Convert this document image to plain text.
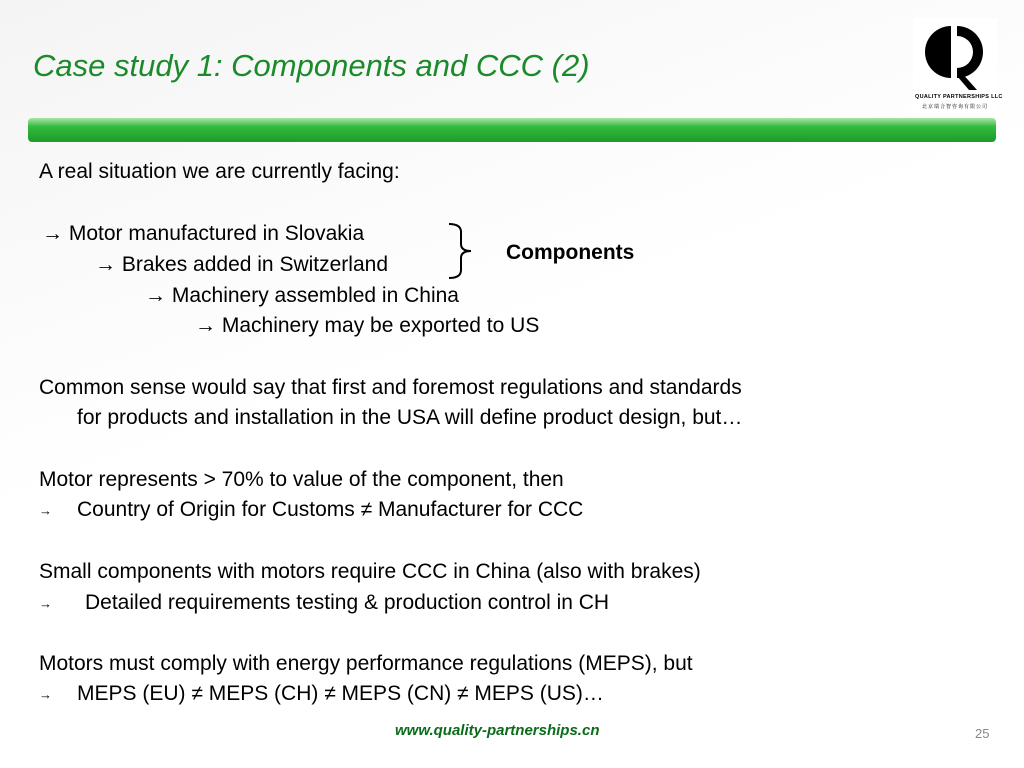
Case study 1: Components and CCC (2)
QUALITY PARTNERSHIPS LLC
北京瑞合智咨询有限公司
A real situation we are currently facing:
→ Motor manufactured in Slovakia
→ Brakes added in Switzerland
→ Machinery assembled in China
→ Machinery may be exported to US
Components
Common sense would say that first and foremost regulations and standards
for products and installation in the USA will define product design, but…
Motor represents > 70% to value of the component, then
→ Country of Origin for Customs ≠ Manufacturer for CCC
Small components with motors require CCC in China (also with brakes)
→ Detailed requirements testing & production control in CH
Motors must comply with energy performance regulations (MEPS), but
→ MEPS (EU) ≠ MEPS (CH) ≠ MEPS (CN) ≠ MEPS (US)…
www.quality-partnerships.cn	25
